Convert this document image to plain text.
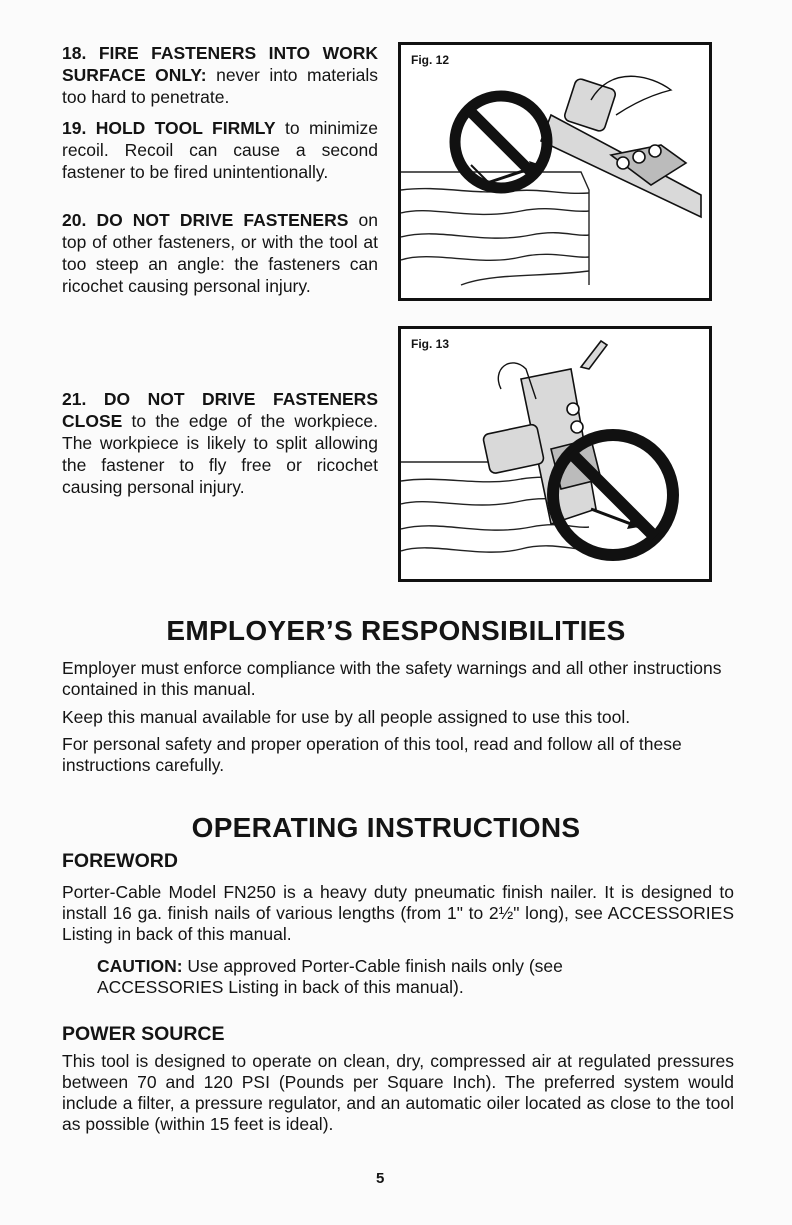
18. FIRE FASTENERS INTO WORK SURFACE ONLY: never into materials too hard to penetrate.
19. HOLD TOOL FIRMLY to minimize recoil. Recoil can cause a second fastener to be fired unintentionally.
20. DO NOT DRIVE FASTENERS on top of other fasteners, or with the tool at too steep an angle: the fasteners can ricochet causing personal injury.
21. DO NOT DRIVE FASTENERS CLOSE to the edge of the workpiece. The workpiece is likely to split allowing the fastener to fly free or ricochet causing personal injury.
Fig. 12
Fig. 13
EMPLOYER’S RESPONSIBILITIES
Employer must enforce compliance with the safety warnings and all other instructions contained in this manual.
Keep this manual available for use by all people assigned to use this tool.
For personal safety and proper operation of this tool, read and follow all of these instructions carefully.
OPERATING INSTRUCTIONS
FOREWORD
Porter-Cable Model FN250 is a heavy duty pneumatic finish nailer. It is designed to install 16 ga. finish nails of various lengths (from 1" to 2½" long), see ACCESSORIES Listing in back of this manual.
CAUTION: Use approved Porter-Cable finish nails only (see ACCESSORIES Listing in back of this manual).
POWER SOURCE
This tool is designed to operate on clean, dry, compressed air at regulated pressures between 70 and 120 PSI (Pounds per Square Inch). The preferred system would include a filter, a pressure regulator, and an automatic oiler located as close to the tool as possible (within 15 feet is ideal).
5
